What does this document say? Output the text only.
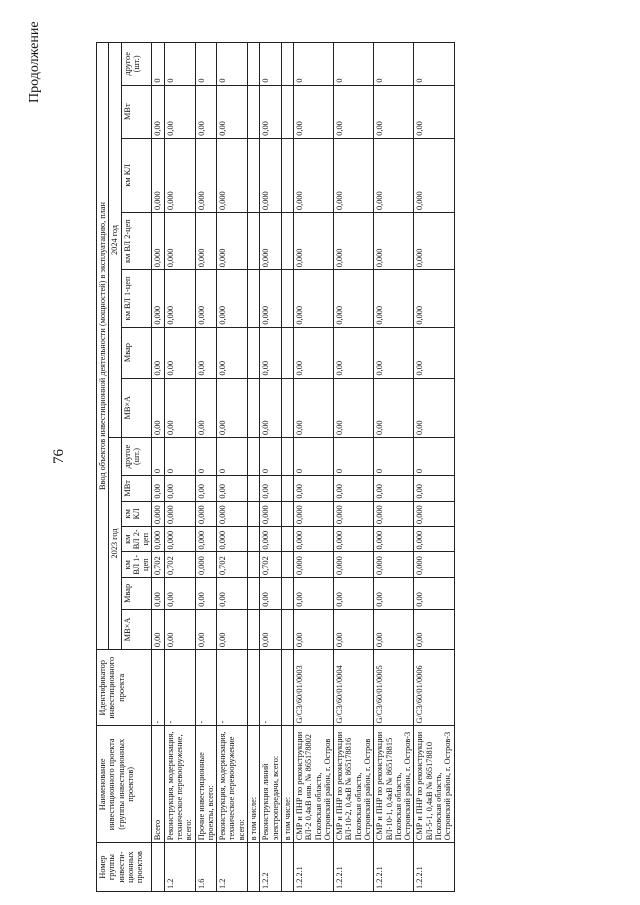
76
Продолжение
Номер группы инвести-ционных проектов	Наименование инвестиционного проекта (группы инвестиционных проектов)	Идентификатор инвестиционного проекта	Ввод объектов инвестиционной деятельности (мощностей) в эксплуатацию, план													
			2023 год							2024 год						
			МВ×А	Мвар	км ВЛ 1-цеп	км ВЛ 2-цеп	км КЛ	МВт	другое (шт.)	МВ×А	Мвар	км ВЛ 1-цеп	км ВЛ 2-цеп	км КЛ	МВт	другое (шт.)
	Всего	-	0,00	0,00	0,702	0,000	0,000	0,00	0	0,00	0,00	0,000	0,000	0,000	0,00	0
1.2	Реконструкция, модернизация, техническое перевооружение, всего:	-	0,00	0,00	0,702	0,000	0,000	0,00	0	0,00	0,00	0,000	0,000	0,000	0,00	0
1.6	Прочие инвестиционные проекты, всего:	-	0,00	0,00	0,000	0,000	0,000	0,00	0	0,00	0,00	0,000	0,000	0,000	0,00	0
1.2	Реконструкция, модернизация, техническое перевооружение всего:	-	0,00	0,00	0,702	0,000	0,000	0,00	0	0,00	0,00	0,000	0,000	0,000	0,00	0
	в том числе:															
1.2.2	Реконструкция линий электропередачи, всего:	-	0,00	0,00	0,702	0,000	0,000	0,00	0	0,00	0,00	0,000	0,000	0,000	0,00	0
	в том числе:															
1.2.2.1	СМР и ПНР по реконструкции ВЛ-2 0,4кВ инв. № 865178802 Псковская область, Островский район, г. Остров	G/C3/60/01/0003	0,00	0,00	0,000	0,000	0,000	0,00	0	0,00	0,00	0,000	0,000	0,000	0,00	0
1.2.2.1	СМР и ПНР по реконструкции ВЛ-10-2, 0,4кВ № 865178816 Псковская область, Островский район, г. Остров	G/C3/60/01/0004	0,00	0,00	0,000	0,000	0,000	0,00	0	0,00	0,00	0,000	0,000	0,000	0,00	0
1.2.2.1	СМР и ПНР по реконструкции ВЛ-10-1, 0,4кВ № 865178815 Псковская область, Островский район, г. Остров-3	G/C3/60/01/0005	0,00	0,00	0,000	0,000	0,000	0,00	0	0,00	0,00	0,000	0,000	0,000	0,00	0
1.2.2.1	СМР и ПНР по реконструкции ВЛ-5-1, 0,4кВ № 865178810 Псковская область, Островский район, г. Остров-3	G/C3/60/01/0006	0,00	0,00	0,000	0,000	0,000	0,00	0	0,00	0,00	0,000	0,000	0,000	0,00	0
